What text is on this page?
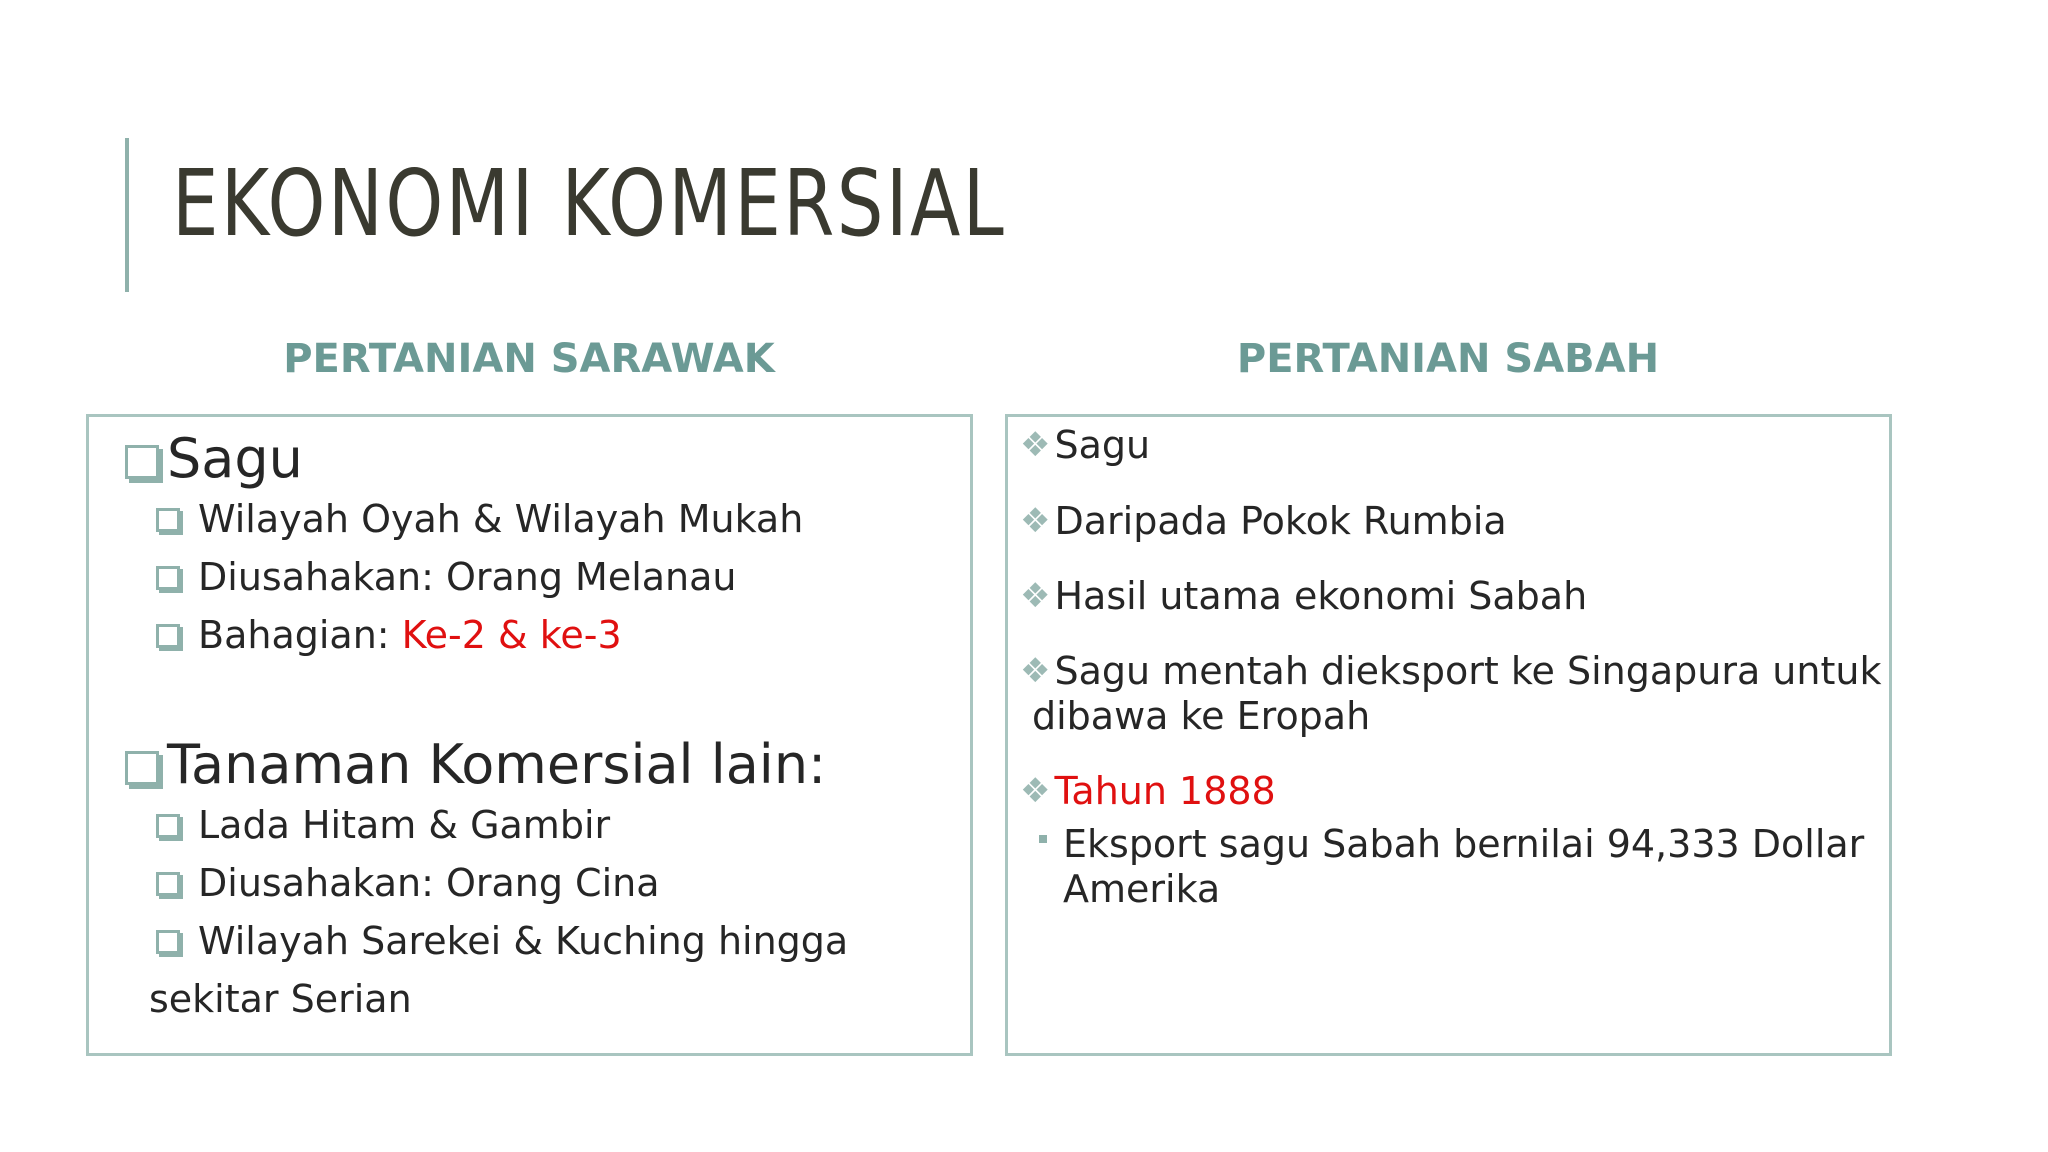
EKONOMI KOMERSIAL
PERTANIAN SARAWAK	PERTANIAN SABAH
Sagu
Wilayah Oyah & Wilayah Mukah
Diusahakan: Orang Melanau
Bahagian: Ke-2 & ke-3
Tanaman Komersial lain:
Lada Hitam & Gambir
Diusahakan: Orang Cina
Wilayah Sarekei & Kuching hingga
sekitar Serian
❖ Sagu
❖ Daripada Pokok Rumbia
❖ Hasil utama ekonomi Sabah
❖ Sagu mentah dieksport ke Singapura untuk
dibawa ke Eropah
❖ Tahun 1888
Eksport sagu Sabah bernilai 94,333 Dollar
Amerika
